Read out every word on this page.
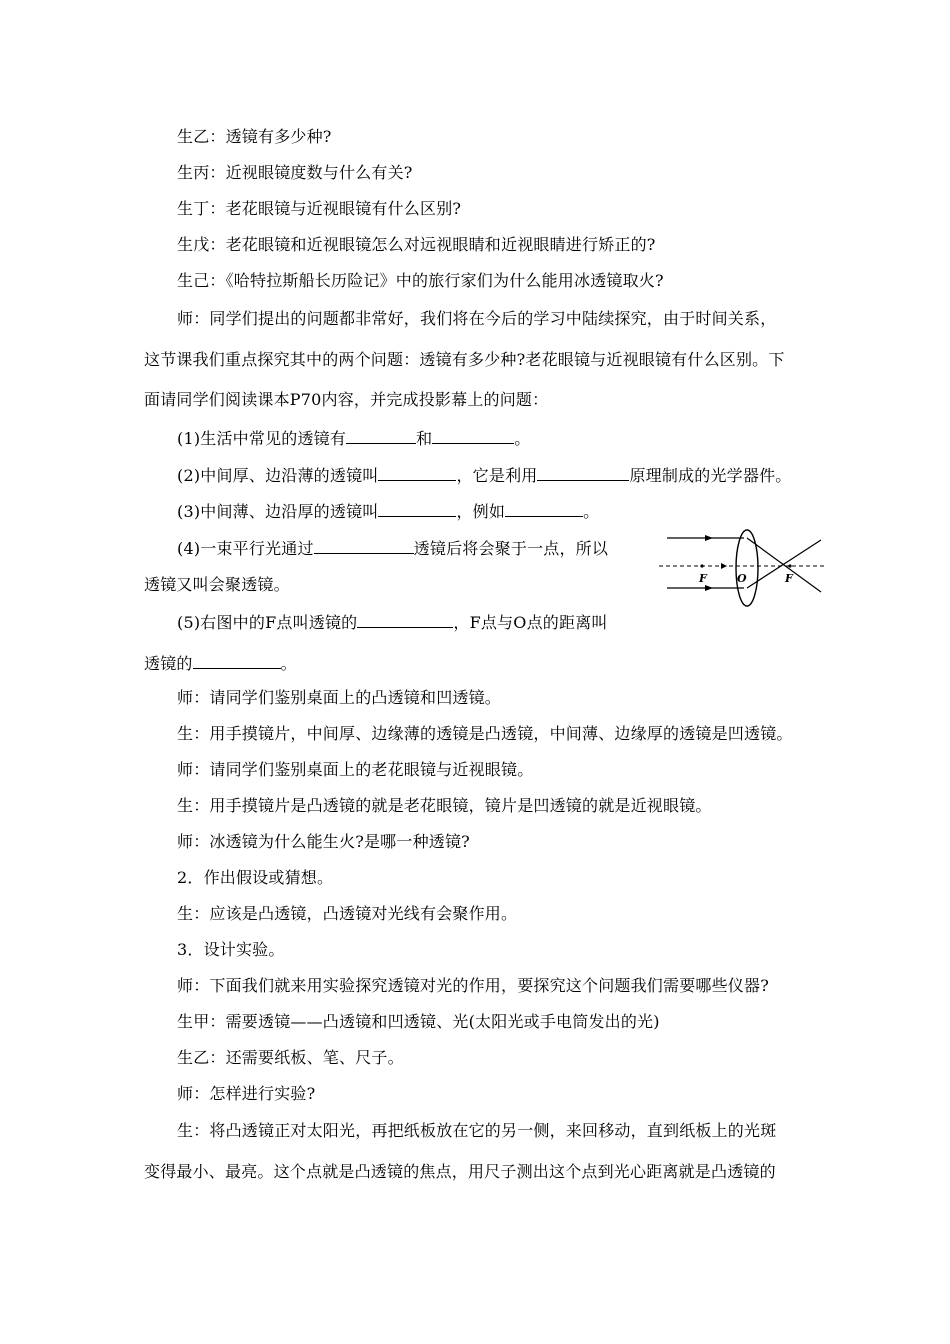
生乙：透镜有多少种?
生丙：近视眼镜度数与什么有关?
生丁：老花眼镜与近视眼镜有什么区别?
生戊：老花眼镜和近视眼镜怎么对远视眼睛和近视眼睛进行矫正的?
生己：《哈特拉斯船长历险记》中的旅行家们为什么能用冰透镜取火?
师：同学们提出的问题都非常好，我们将在今后的学习中陆续探究，由于时间关系，
这节课我们重点探究其中的两个问题：透镜有多少种?老花眼镜与近视眼镜有什么区别。下
面请同学们阅读课本P70内容，并完成投影幕上的问题：
(1)生活中常见的透镜有	和	。
(2)中间厚、边沿薄的透镜叫	，它是利用	原理制成的光学器件。
(3)中间薄、边沿厚的透镜叫	，例如	。
(4)一束平行光通过	透镜后将会聚于一点，所以
透镜又叫会聚透镜。
(5)右图中的F点叫透镜的	，F点与O点的距离叫
透镜的	。
F	O	F
师：请同学们鉴别桌面上的凸透镜和凹透镜。
生：用手摸镜片，中间厚、边缘薄的透镜是凸透镜，中间薄、边缘厚的透镜是凹透镜。
师：请同学们鉴别桌面上的老花眼镜与近视眼镜。
生：用手摸镜片是凸透镜的就是老花眼镜，镜片是凹透镜的就是近视眼镜。
师：冰透镜为什么能生火?是哪一种透镜?
2．作出假设或猜想。
生：应该是凸透镜，凸透镜对光线有会聚作用。
3．设计实验。
师：下面我们就来用实验探究透镜对光的作用，要探究这个问题我们需要哪些仪器?
生甲：需要透镜——凸透镜和凹透镜、光(太阳光或手电筒发出的光)
生乙：还需要纸板、笔、尺子。
师：怎样进行实验?
生：将凸透镜正对太阳光，再把纸板放在它的另一侧，来回移动，直到纸板上的光斑
变得最小、最亮。这个点就是凸透镜的焦点，用尺子测出这个点到光心距离就是凸透镜的
